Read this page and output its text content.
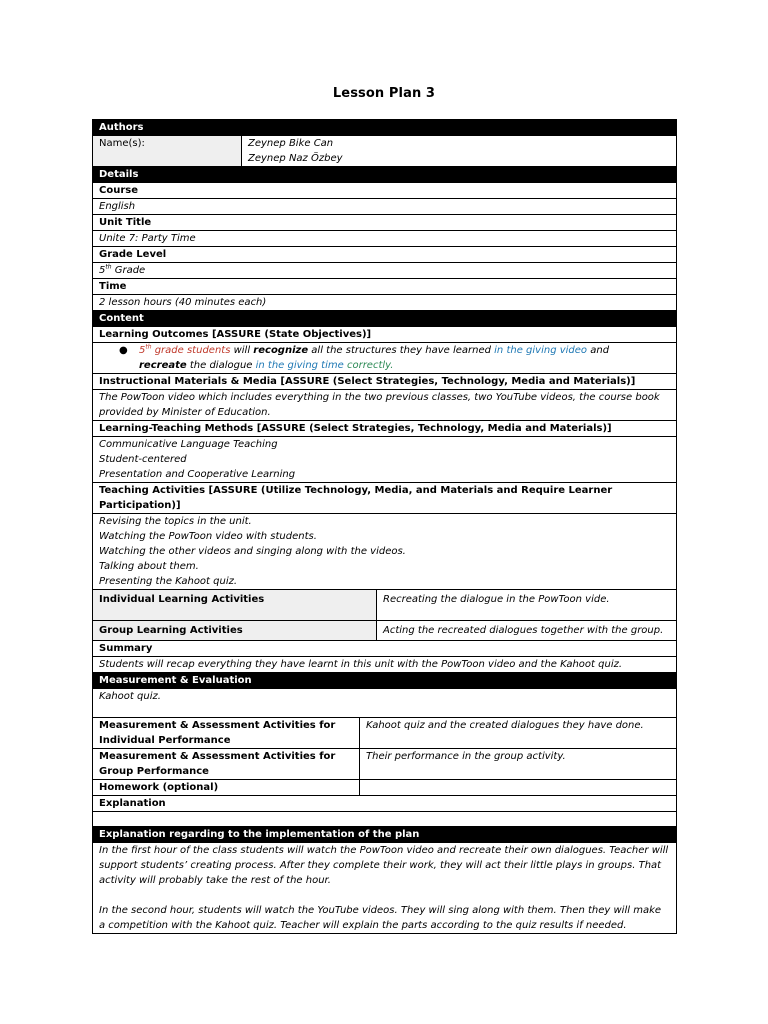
Lesson Plan 3
Authors			
Name(s):	Zeynep Bike Can
Zeynep Naz Özbey		

Details			
Course			
English			
Unit Title			
Unite 7: Party Time			
Grade Level			
5th Grade			
Time			
2 lesson hours (40 minutes each)			
Content			
Learning Outcomes [ASSURE (State Objectives)]			

● 5th grade students will recognize all the structures they have learned in the giving video and
recreate the dialogue in the giving time correctly.			
Instructional Materials & Media [ASSURE (Select Strategies, Technology, Media and Materials)]			
The PowToon video which includes everything in the two previous classes, two YouTube videos, the course book provided by Minister of Education.			
Learning-Teaching Methods [ASSURE (Select Strategies, Technology, Media and Materials)]			

Communicative Language Teaching
Student-centered
Presentation and Cooperative Learning			

Teaching Activities [ASSURE (Utilize Technology, Media, and Materials and Require Learner Participation)]			

Revising the topics in the unit.
Watching the PowToon video with students.
Watching the other videos and singing along with the videos.
Talking about them.
Presenting the Kahoot quiz.			

Individual Learning Activities			Recreating the dialogue in the PowToon vide.
Group Learning Activities			Acting the recreated dialogues together with the group.
Summary			
Students will recap everything they have learnt in this unit with the PowToon video and the Kahoot quiz.			
Measurement & Evaluation			
Kahoot quiz.			
Measurement & Assessment Activities for Individual Performance		Kahoot quiz and the created dialogues they have done.	
Measurement & Assessment Activities for Group Performance		Their performance in the group activity.	
Homework (optional)			
Explanation			

Explanation regarding to the implementation of the plan			

In the first hour of the class students will watch the PowToon video and recreate their own dialogues. Teacher will support students’ creating process. After they complete their work, they will act their little plays in groups. That activity will probably take the rest of the hour.
In the second hour, students will watch the YouTube videos. They will sing along with them. Then they will make a competition with the Kahoot quiz. Teacher will explain the parts according to the quiz results if needed.			
